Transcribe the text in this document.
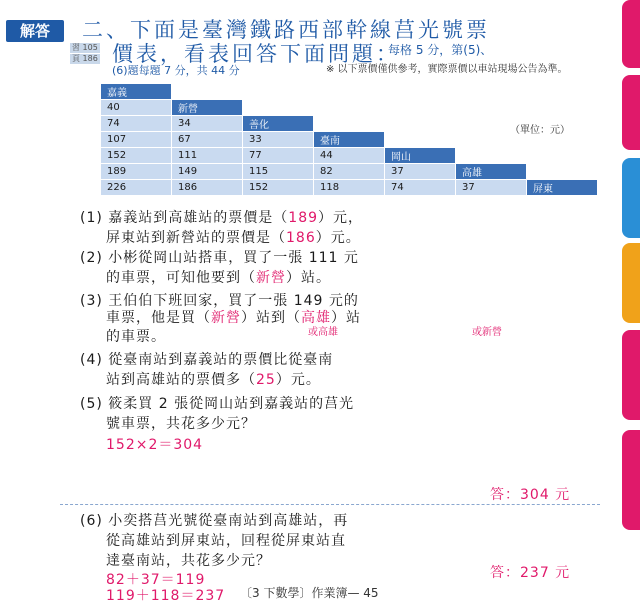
解答
習 105
頁 186
二、下面是臺灣鐵路西部幹線莒光號票
價表，看表回答下面問題：
每格 5 分，第(5)、
(6)題每題 7 分，共 44 分	※ 以下票價僅供參考，實際票價以車站現場公告為準。
嘉義						
40	新營					
74	34	善化				
107	67	33	臺南			
152	111	77	44	岡山		
189	149	115	82	37	高雄	
226	186	152	118	74	37	屏東
（單位：元）
(1) 嘉義站到高雄站的票價是（189）元，
屏東站到新營站的票價是（186）元。
(2) 小彬從岡山站搭車，買了一張 111 元
的車票，可知他要到（新營）站。
(3) 王伯伯下班回家，買了一張 149 元的
車票，他是買（新營）站到（高雄）站
或高雄	或新營
的車票。
(4) 從臺南站到嘉義站的票價比從臺南
站到高雄站的票價多（25）元。
(5) 筱柔買 2 張從岡山站到嘉義站的莒光
號車票，共花多少元？
152×2＝304
答：304 元
(6) 小奕搭莒光號從臺南站到高雄站，再
從高雄站到屏東站，回程從屏東站直
達臺南站，共花多少元？
82＋37＝119
119＋118＝237
答：237 元
〔3 下數學〕作業簿— 45
